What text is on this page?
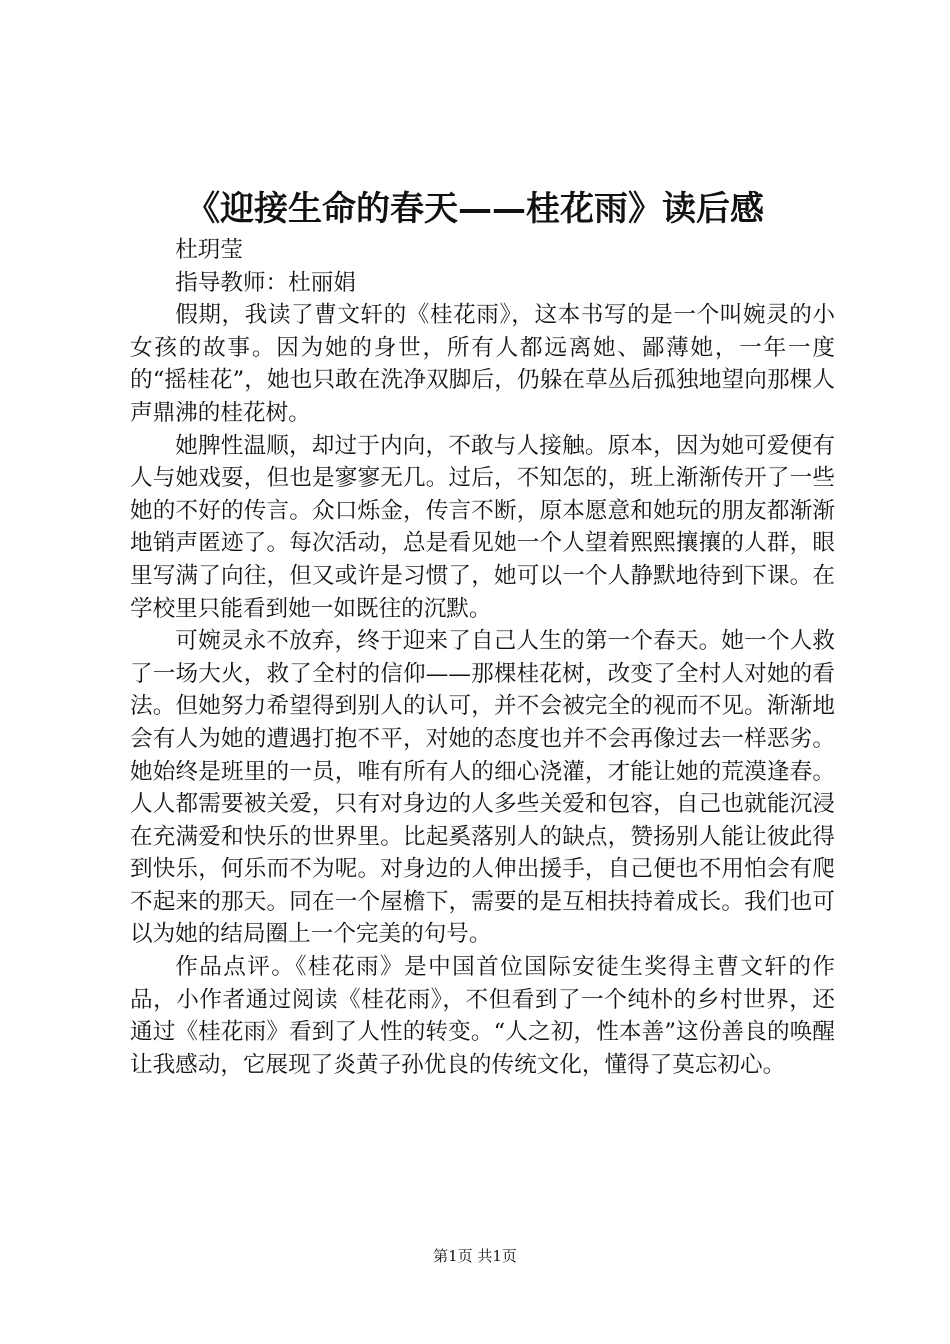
《迎接生命的春天——桂花雨》读后感

杜玥莹

指导教师：杜丽娟

假期，我读了曹文轩的《桂花雨》，这本书写的是一个叫婉灵的小女孩的故事。因为她的身世，所有人都远离她、鄙薄她，一年一度的“摇桂花”，她也只敢在洗净双脚后，仍躲在草丛后孤独地望向那棵人声鼎沸的桂花树。

她脾性温顺，却过于内向，不敢与人接触。原本，因为她可爱便有人与她戏耍，但也是寥寥无几。过后，不知怎的，班上渐渐传开了一些她的不好的传言。众口烁金，传言不断，原本愿意和她玩的朋友都渐渐地销声匿迹了。每次活动，总是看见她一个人望着熙熙攘攘的人群，眼里写满了向往，但又或许是习惯了，她可以一个人静默地待到下课。在学校里只能看到她一如既往的沉默。

可婉灵永不放弃，终于迎来了自己人生的第一个春天。她一个人救了一场大火，救了全村的信仰——那棵桂花树，改变了全村人对她的看法。但她努力希望得到别人的认可，并不会被完全的视而不见。渐渐地会有人为她的遭遇打抱不平，对她的态度也并不会再像过去一样恶劣。她始终是班里的一员，唯有所有人的细心浇灌，才能让她的荒漠逢春。人人都需要被关爱，只有对身边的人多些关爱和包容，自己也就能沉浸在充满爱和快乐的世界里。比起奚落别人的缺点，赞扬别人能让彼此得到快乐，何乐而不为呢。对身边的人伸出援手，自己便也不用怕会有爬不起来的那天。同在一个屋檐下，需要的是互相扶持着成长。我们也可以为她的结局圈上一个完美的句号。

作品点评。《桂花雨》是中国首位国际安徒生奖得主曹文轩的作品，小作者通过阅读《桂花雨》，不但看到了一个纯朴的乡村世界，还通过《桂花雨》看到了人性的转变。“人之初，性本善”这份善良的唤醒让我感动，它展现了炎黄子孙优良的传统文化，懂得了莫忘初心。

第1页 共1页
